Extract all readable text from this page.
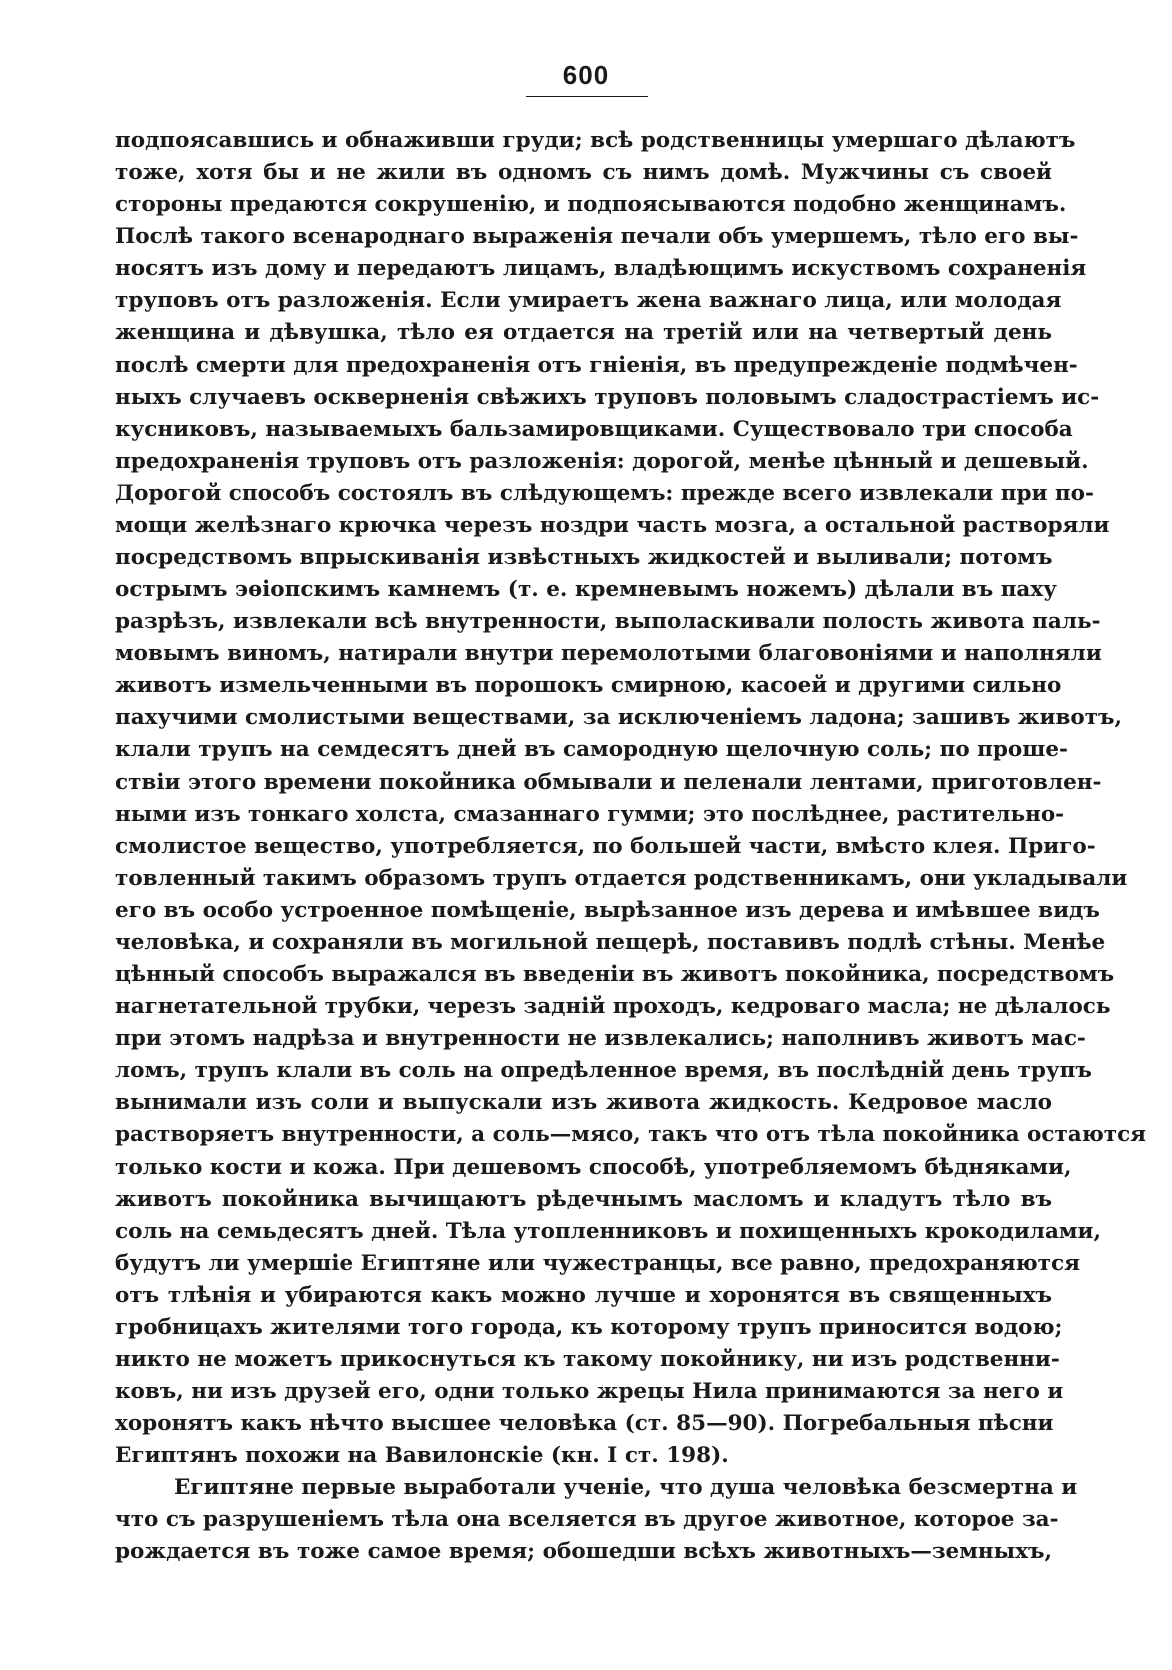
600
подпоясавшись и обнаживши груди; всѣ родственницы умершаго дѣлаютъ
тоже, хотя бы и не жили въ одномъ съ нимъ домѣ. Мужчины съ своей
стороны предаются сокрушенію, и подпоясываются подобно женщинамъ.
Послѣ такого всенароднаго выраженія печали объ умершемъ, тѣло его вы-
носятъ изъ дому и передаютъ лицамъ, владѣющимъ искуствомъ сохраненія
труповъ отъ разложенія. Если умираетъ жена важнаго лица, или молодая
женщина и дѣвушка, тѣло ея отдается на третій или на четвертый день
послѣ смерти для предохраненія отъ гніенія, въ предупрежденіе подмѣчен-
ныхъ случаевъ оскверненія свѣжихъ труповъ половымъ сладострастіемъ ис-
кусниковъ, называемыхъ бальзамировщиками. Существовало три способа
предохраненія труповъ отъ разложенія: дорогой, менѣе цѣнный и дешевый.
Дорогой способъ состоялъ въ слѣдующемъ: прежде всего извлекали при по-
мощи желѣзнаго крючка черезъ ноздри часть мозга, а остальной растворяли
посредствомъ впрыскиванія извѣстныхъ жидкостей и выливали; потомъ
острымъ эѳіопскимъ камнемъ (т. е. кремневымъ ножемъ) дѣлали въ паху
разрѣзъ, извлекали всѣ внутренности, выполаскивали полость живота паль-
мовымъ виномъ, натирали внутри перемолотыми благовоніями и наполняли
животъ измельченными въ порошокъ смирною, касоей и другими сильно
пахучими смолистыми веществами, за исключеніемъ ладона; зашивъ животъ,
клали трупъ на семдесятъ дней въ самородную щелочную соль; по проше-
ствіи этого времени покойника обмывали и пеленали лентами, приготовлен-
ными изъ тонкаго холста, смазаннаго гумми; это послѣднее, растительно-
смолистое вещество, употребляется, по большей части, вмѣсто клея. Приго-
товленный такимъ образомъ трупъ отдается родственникамъ, они укладывали
его въ особо устроенное помѣщеніе, вырѣзанное изъ дерева и имѣвшее видъ
человѣка, и сохраняли въ могильной пещерѣ, поставивъ подлѣ стѣны. Менѣе
цѣнный способъ выражался въ введеніи въ животъ покойника, посредствомъ
нагнетательной трубки, черезъ задній проходъ, кедроваго масла; не дѣлалось
при этомъ надрѣза и внутренности не извлекались; наполнивъ животъ мас-
ломъ, трупъ клали въ соль на опредѣленное время, въ послѣдній день трупъ
вынимали изъ соли и выпускали изъ живота жидкость. Кедровое масло
растворяетъ внутренности, а соль—мясо, такъ что отъ тѣла покойника остаются
только кости и кожа. При дешевомъ способѣ, употребляемомъ бѣдняками,
животъ покойника вычищаютъ рѣдечнымъ масломъ и кладутъ тѣло въ
соль на семьдесятъ дней. Тѣла утопленниковъ и похищенныхъ крокодилами,
будутъ ли умершіе Египтяне или чужестранцы, все равно, предохраняются
отъ тлѣнія и убираются какъ можно лучше и хоронятся въ священныхъ
гробницахъ жителями того города, къ которому трупъ приносится водою;
никто не можетъ прикоснуться къ такому покойнику, ни изъ родственни-
ковъ, ни изъ друзей его, одни только жрецы Нила принимаются за него и
хоронятъ какъ нѣчто высшее человѣка (ст. 85—90). Погребальныя пѣсни
Египтянъ похожи на Вавилонскіе (кн. I ст. 198).
Египтяне первые выработали ученіе, что душа человѣка безсмертна и
что съ разрушеніемъ тѣла она вселяется въ другое животное, которое за-
рождается въ тоже самое время; обошедши всѣхъ животныхъ—земныхъ,
